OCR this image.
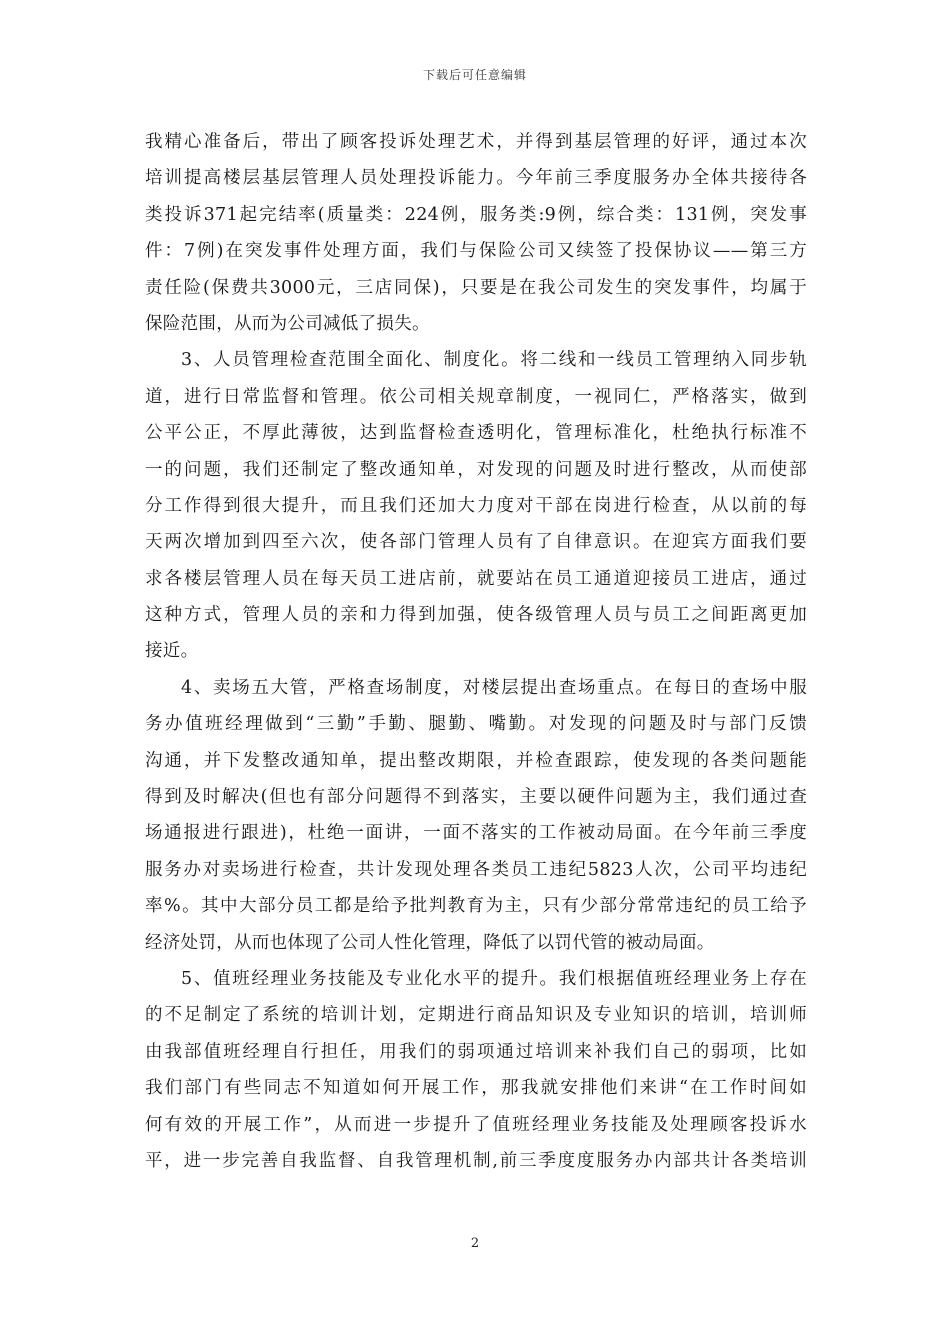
下载后可任意编辑
我精心准备后，带出了顾客投诉处理艺术，并得到基层管理的好评，通过本次
培训提高楼层基层管理人员处理投诉能力。今年前三季度服务办全体共接待各
类投诉371起完结率(质量类：224例，服务类:9例，综合类：131例，突发事
件：7例)在突发事件处理方面，我们与保险公司又续签了投保协议——第三方
责任险(保费共3000元，三店同保)，只要是在我公司发生的突发事件，均属于
保险范围，从而为公司减低了损失。
3、人员管理检查范围全面化、制度化。将二线和一线员工管理纳入同步轨
道，进行日常监督和管理。依公司相关规章制度，一视同仁，严格落实，做到
公平公正，不厚此薄彼，达到监督检查透明化，管理标准化，杜绝执行标准不
一的问题，我们还制定了整改通知单，对发现的问题及时进行整改，从而使部
分工作得到很大提升，而且我们还加大力度对干部在岗进行检查，从以前的每
天两次增加到四至六次，使各部门管理人员有了自律意识。在迎宾方面我们要
求各楼层管理人员在每天员工进店前，就要站在员工通道迎接员工进店，通过
这种方式，管理人员的亲和力得到加强，使各级管理人员与员工之间距离更加
接近。
4、卖场五大管，严格查场制度，对楼层提出查场重点。在每日的查场中服
务办值班经理做到“三勤”手勤、腿勤、嘴勤。对发现的问题及时与部门反馈
沟通，并下发整改通知单，提出整改期限，并检查跟踪，使发现的各类问题能
得到及时解决(但也有部分问题得不到落实，主要以硬件问题为主，我们通过查
场通报进行跟进)，杜绝一面讲，一面不落实的工作被动局面。在今年前三季度
服务办对卖场进行检查，共计发现处理各类员工违纪5823人次，公司平均违纪
率%。其中大部分员工都是给予批判教育为主，只有少部分常常违纪的员工给予
经济处罚，从而也体现了公司人性化管理，降低了以罚代管的被动局面。
5、值班经理业务技能及专业化水平的提升。我们根据值班经理业务上存在
的不足制定了系统的培训计划，定期进行商品知识及专业知识的培训，培训师
由我部值班经理自行担任，用我们的弱项通过培训来补我们自己的弱项，比如
我们部门有些同志不知道如何开展工作，那我就安排他们来讲“在工作时间如
何有效的开展工作”，从而进一步提升了值班经理业务技能及处理顾客投诉水
平，进一步完善自我监督、自我管理机制,前三季度度服务办内部共计各类培训
2
